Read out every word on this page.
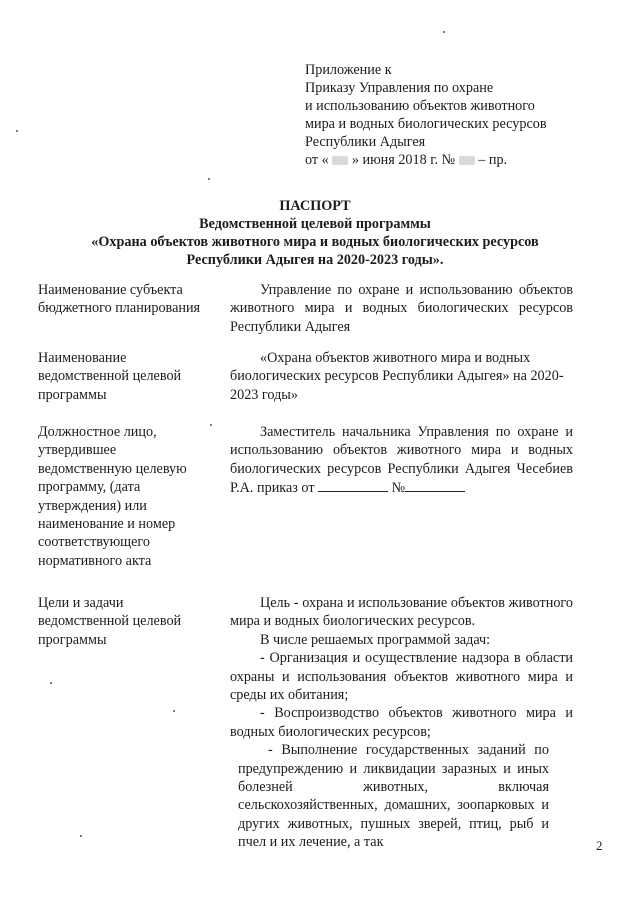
Приложение к
Приказу Управления по охране
и использованию объектов животного
мира и водных биологических ресурсов
Республики Адыгея
от « » июня 2018 г. № – пр.
ПАСПОРТ
Ведомственной целевой программы
«Охрана объектов животного мира и водных биологических ресурсов
Республики Адыгея на 2020-2023 годы».
Наименование субъекта бюджетного планирования
Управление по охране и использованию объектов животного мира и водных биологических ресурсов Республики Адыгея
Наименование ведомственной целевой программы
«Охрана объектов животного мира и водных биологических ресурсов Республики Адыгея» на 2020-2023 годы»
Должностное лицо, утвердившее ведомственную целевую программу, (дата утверждения) или наименование и номер соответствующего нормативного акта
Заместитель начальника Управления по охране и использованию объектов животного мира и водных биологических ресурсов Республики Адыгея Чесебиев Р.А. приказ от	№
Цели и задачи ведомственной целевой программы
Цель - охрана и использование объектов животного мира и водных биологических ресурсов.
В числе решаемых программой задач:
- Организация и осуществление надзора в области охраны и использования объектов животного мира и среды их обитания;
- Воспроизводство объектов животного мира и водных биологических ресурсов;
- Выполнение государственных заданий по предупреждению и ликвидации заразных и иных болезней животных, включая сельскохозяйственных, домашних, зоопарковых и других животных, пушных зверей, птиц, рыб и пчел и их лечение, а так	2
